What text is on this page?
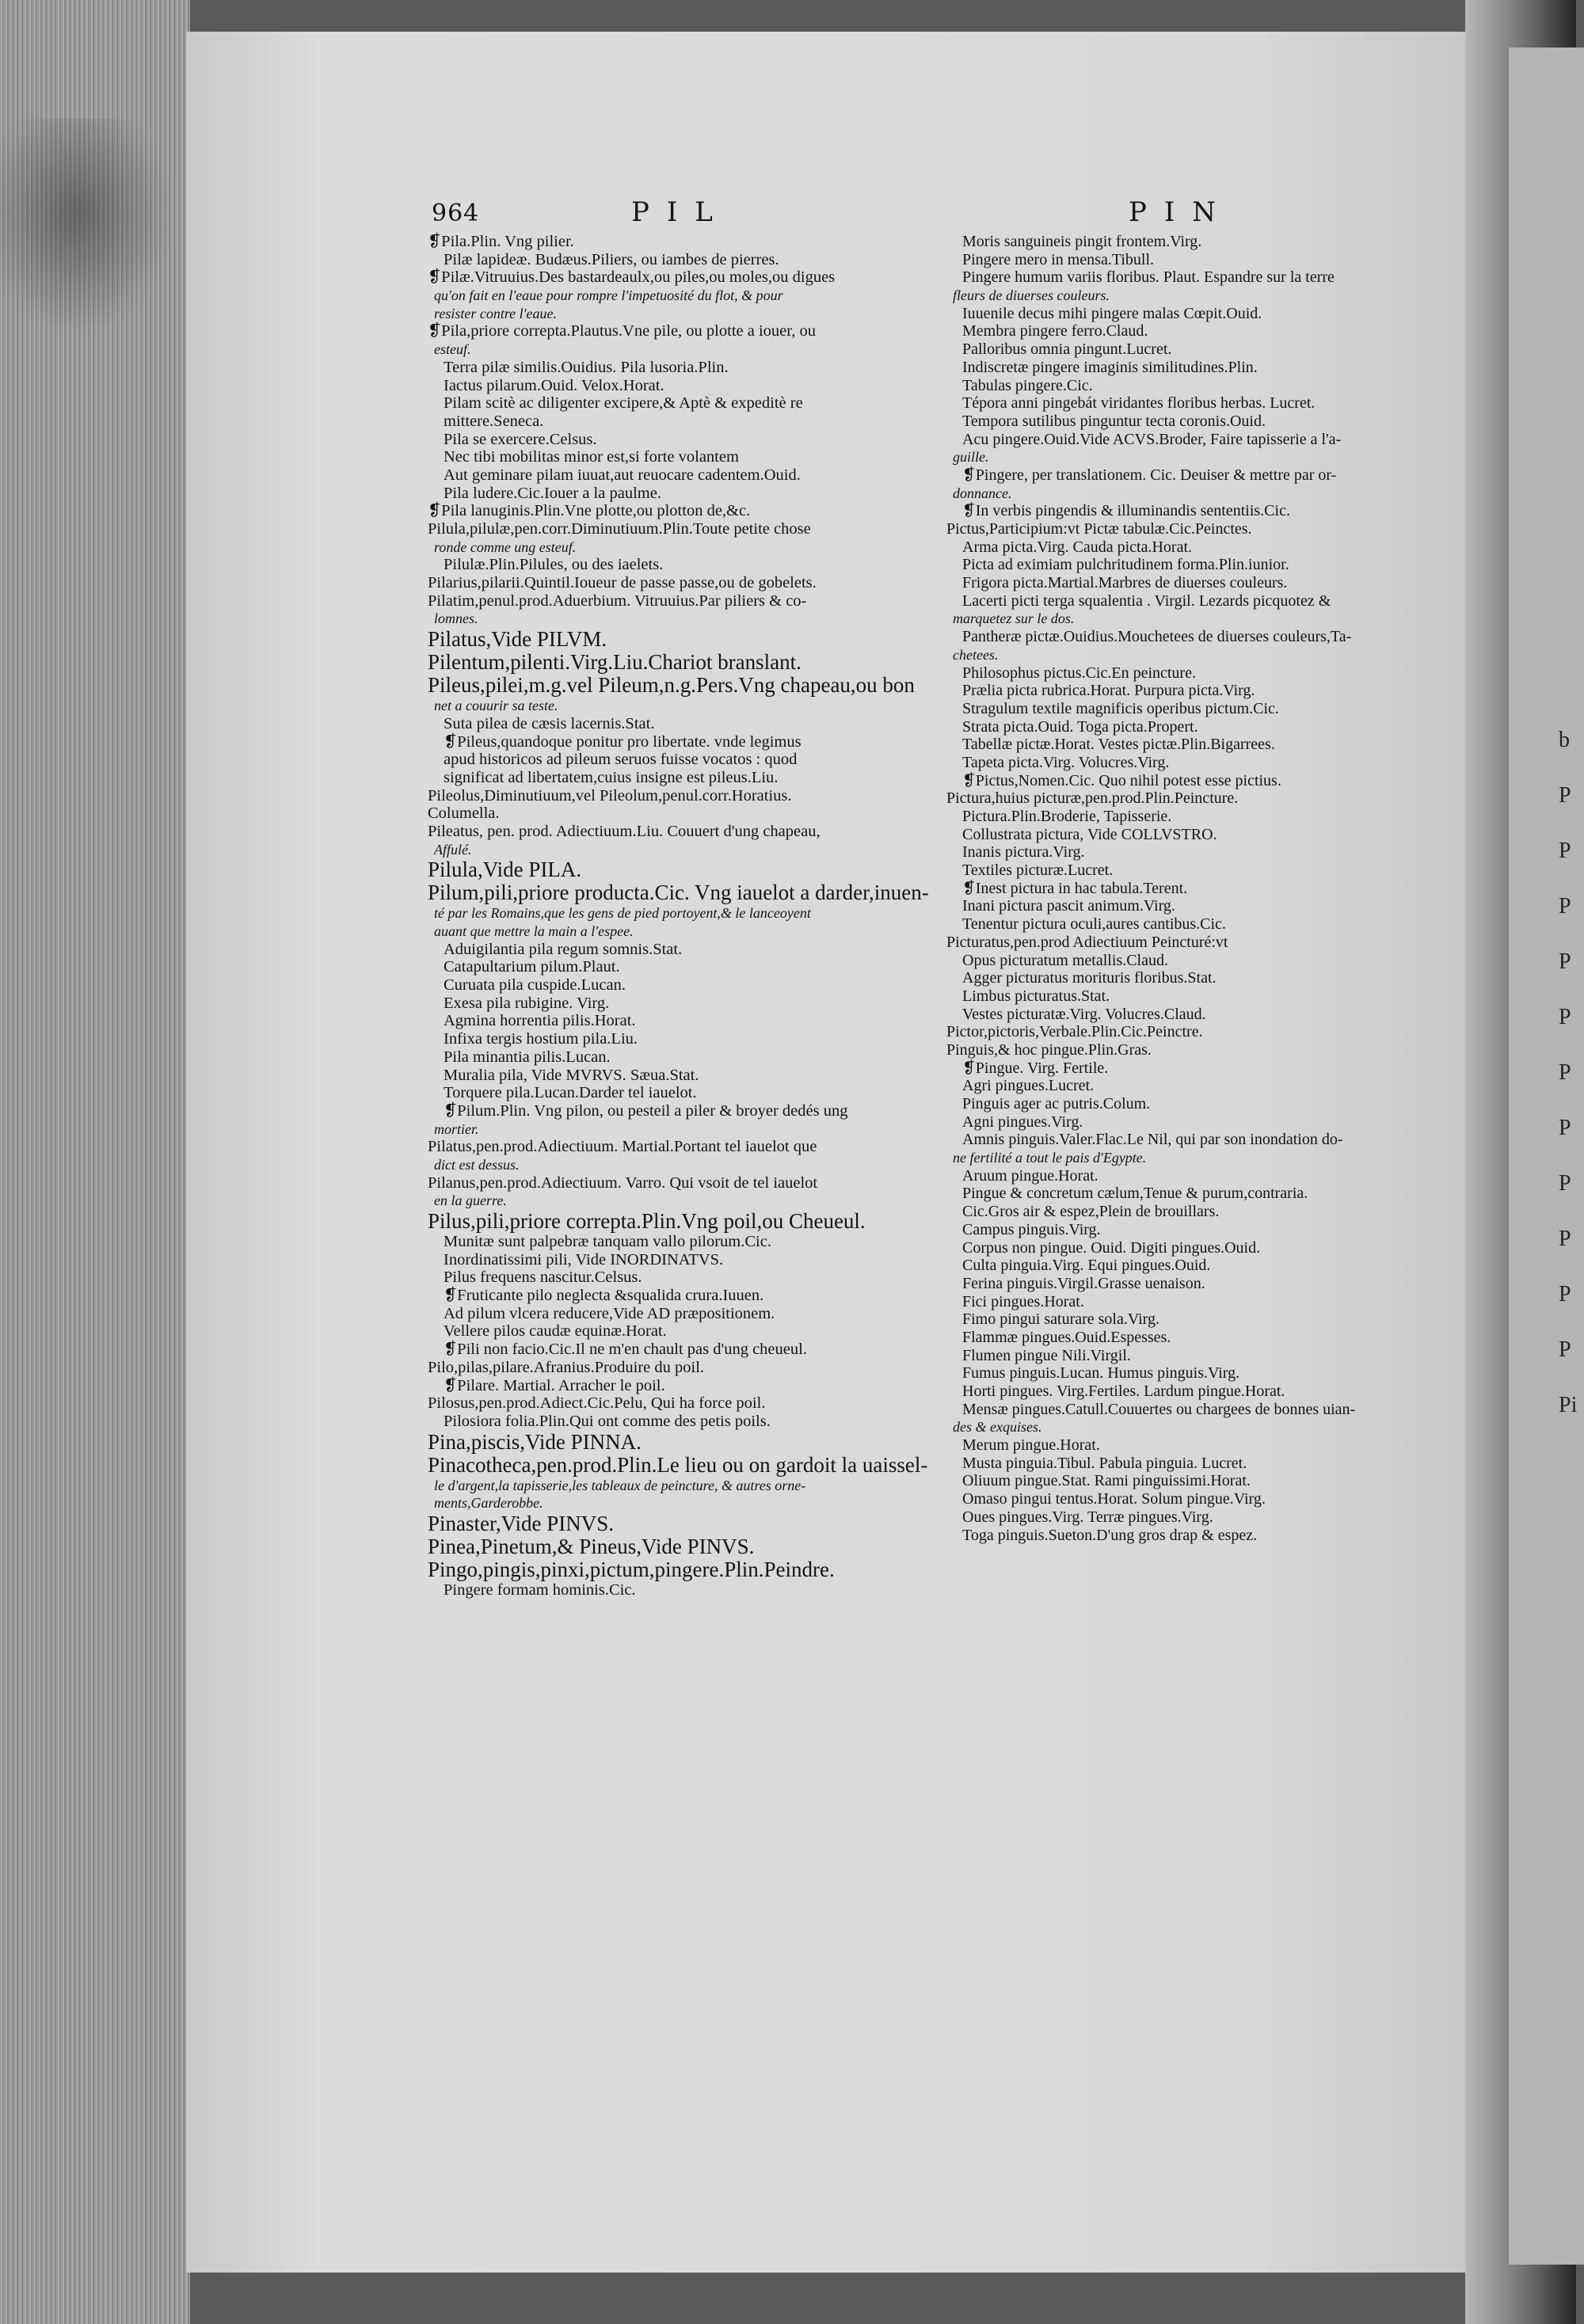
b
P
P
P
P
P
P
P
P
P
P
P
Pi
964	PIL	PIN
❡Pila.Plin. Vng pilier.
Pilæ lapideæ. Budæus.Piliers, ou iambes de pierres.
❡Pilæ.Vitruuius.Des bastardeaulx,ou piles,ou moles,ou digues
qu'on fait en l'eaue pour rompre l'impetuosité du flot, & pour
resister contre l'eaue.
❡Pila,priore correpta.Plautus.Vne pile, ou plotte a iouer, ou
esteuf.
Terra pilæ similis.Ouidius. Pila lusoria.Plin.
Iactus pilarum.Ouid. Velox.Horat.
Pilam scitè ac diligenter excipere,& Aptè & expeditè re
mittere.Seneca.
Pila se exercere.Celsus.
Nec tibi mobilitas minor est,si forte volantem
Aut geminare pilam iuuat,aut reuocare cadentem.Ouid.
Pila ludere.Cic.Iouer a la paulme.
❡Pila lanuginis.Plin.Vne plotte,ou plotton de,&c.
Pilula,pilulæ,pen.corr.Diminutiuum.Plin.Toute petite chose
ronde comme ung esteuf.
Pilulæ.Plin.Pilules, ou des iaelets.
Pilarius,pilarii.Quintil.Ioueur de passe passe,ou de gobelets.
Pilatim,penul.prod.Aduerbium. Vitruuius.Par piliers & co-
lomnes.
Pilatus,Vide PILVM.
Pilentum,pilenti.Virg.Liu.Chariot branslant.
Pileus,pilei,m.g.vel Pileum,n.g.Pers.Vng chapeau,ou bon
net a couurir sa teste.
Suta pilea de cæsis lacernis.Stat.
❡Pileus,quandoque ponitur pro libertate. vnde legimus
apud historicos ad pileum seruos fuisse vocatos : quod
significat ad libertatem,cuius insigne est pileus.Liu.
Pileolus,Diminutiuum,vel Pileolum,penul.corr.Horatius.
Columella.
Pileatus, pen. prod. Adiectiuum.Liu. Couuert d'ung chapeau,
Affulé.
Pilula,Vide PILA.
Pilum,pili,priore producta.Cic. Vng iauelot a darder,inuen-
té par les Romains,que les gens de pied portoyent,& le lanceoyent
auant que mettre la main a l'espee.
Aduigilantia pila regum somnis.Stat.
Catapultarium pilum.Plaut.
Curuata pila cuspide.Lucan.
Exesa pila rubigine. Virg.
Agmina horrentia pilis.Horat.
Infixa tergis hostium pila.Liu.
Pila minantia pilis.Lucan.
Muralia pila, Vide MVRVS. Sæua.Stat.
Torquere pila.Lucan.Darder tel iauelot.
❡Pilum.Plin. Vng pilon, ou pesteil a piler & broyer dedés ung
mortier.
Pilatus,pen.prod.Adiectiuum. Martial.Portant tel iauelot que
dict est dessus.
Pilanus,pen.prod.Adiectiuum. Varro. Qui vsoit de tel iauelot
en la guerre.
Pilus,pili,priore correpta.Plin.Vng poil,ou Cheueul.
Munitæ sunt palpebræ tanquam vallo pilorum.Cic.
Inordinatissimi pili, Vide INORDINATVS.
Pilus frequens nascitur.Celsus.
❡Fruticante pilo neglecta &squalida crura.Iuuen.
Ad pilum vlcera reducere,Vide AD præpositionem.
Vellere pilos caudæ equinæ.Horat.
❡Pili non facio.Cic.Il ne m'en chault pas d'ung cheueul.
Pilo,pilas,pilare.Afranius.Produire du poil.
❡Pilare. Martial. Arracher le poil.
Pilosus,pen.prod.Adiect.Cic.Pelu, Qui ha force poil.
Pilosiora folia.Plin.Qui ont comme des petis poils.
Pina,piscis,Vide PINNA.
Pinacotheca,pen.prod.Plin.Le lieu ou on gardoit la uaissel-
le d'argent,la tapisserie,les tableaux de peincture, & autres orne-
ments,Garderobbe.
Pinaster,Vide PINVS.
Pinea,Pinetum,& Pineus,Vide PINVS.
Pingo,pingis,pinxi,pictum,pingere.Plin.Peindre.
Pingere formam hominis.Cic.
Moris sanguineis pingit frontem.Virg.
Pingere mero in mensa.Tibull.
Pingere humum variis floribus. Plaut. Espandre sur la terre
fleurs de diuerses couleurs.
Iuuenile decus mihi pingere malas Cœpit.Ouid.
Membra pingere ferro.Claud.
Palloribus omnia pingunt.Lucret.
Indiscretæ pingere imaginis similitudines.Plin.
Tabulas pingere.Cic.
Tépora anni pingebát viridantes floribus herbas. Lucret.
Tempora sutilibus pinguntur tecta coronis.Ouid.
Acu pingere.Ouid.Vide ACVS.Broder, Faire tapisserie a l'a-
guille.
❡Pingere, per translationem. Cic. Deuiser & mettre par or-
donnance.
❡In verbis pingendis & illuminandis sententiis.Cic.
Pictus,Participium:vt Pictæ tabulæ.Cic.Peinctes.
Arma picta.Virg. Cauda picta.Horat.
Picta ad eximiam pulchritudinem forma.Plin.iunior.
Frigora picta.Martial.Marbres de diuerses couleurs.
Lacerti picti terga squalentia . Virgil. Lezards picquotez &
marquetez sur le dos.
Pantheræ pictæ.Ouidius.Mouchetees de diuerses couleurs,Ta-
chetees.
Philosophus pictus.Cic.En peincture.
Prælia picta rubrica.Horat. Purpura picta.Virg.
Stragulum textile magnificis operibus pictum.Cic.
Strata picta.Ouid. Toga picta.Propert.
Tabellæ pictæ.Horat. Vestes pictæ.Plin.Bigarrees.
Tapeta picta.Virg. Volucres.Virg.
❡Pictus,Nomen.Cic. Quo nihil potest esse pictius.
Pictura,huius picturæ,pen.prod.Plin.Peincture.
Pictura.Plin.Broderie, Tapisserie.
Collustrata pictura, Vide COLLVSTRO.
Inanis pictura.Virg.
Textiles picturæ.Lucret.
❡Inest pictura in hac tabula.Terent.
Inani pictura pascit animum.Virg.
Tenentur pictura oculi,aures cantibus.Cic.
Picturatus,pen.prod Adiectiuum Peincturé:vt
Opus picturatum metallis.Claud.
Agger picturatus morituris floribus.Stat.
Limbus picturatus.Stat.
Vestes picturatæ.Virg. Volucres.Claud.
Pictor,pictoris,Verbale.Plin.Cic.Peinctre.
Pinguis,& hoc pingue.Plin.Gras.
❡Pingue. Virg. Fertile.
Agri pingues.Lucret.
Pinguis ager ac putris.Colum.
Agni pingues.Virg.
Amnis pinguis.Valer.Flac.Le Nil, qui par son inondation do-
ne fertilité a tout le pais d'Egypte.
Aruum pingue.Horat.
Pingue & concretum cælum,Tenue & purum,contraria.
Cic.Gros air & espez,Plein de brouillars.
Campus pinguis.Virg.
Corpus non pingue. Ouid. Digiti pingues.Ouid.
Culta pinguia.Virg. Equi pingues.Ouid.
Ferina pinguis.Virgil.Grasse uenaison.
Fici pingues.Horat.
Fimo pingui saturare sola.Virg.
Flammæ pingues.Ouid.Espesses.
Flumen pingue Nili.Virgil.
Fumus pinguis.Lucan. Humus pinguis.Virg.
Horti pingues. Virg.Fertiles. Lardum pingue.Horat.
Mensæ pingues.Catull.Couuertes ou chargees de bonnes uian-
des & exquises.
Merum pingue.Horat.
Musta pinguia.Tibul. Pabula pinguia. Lucret.
Oliuum pingue.Stat. Rami pinguissimi.Horat.
Omaso pingui tentus.Horat. Solum pingue.Virg.
Oues pingues.Virg. Terræ pingues.Virg.
Toga pinguis.Sueton.D'ung gros drap & espez.
